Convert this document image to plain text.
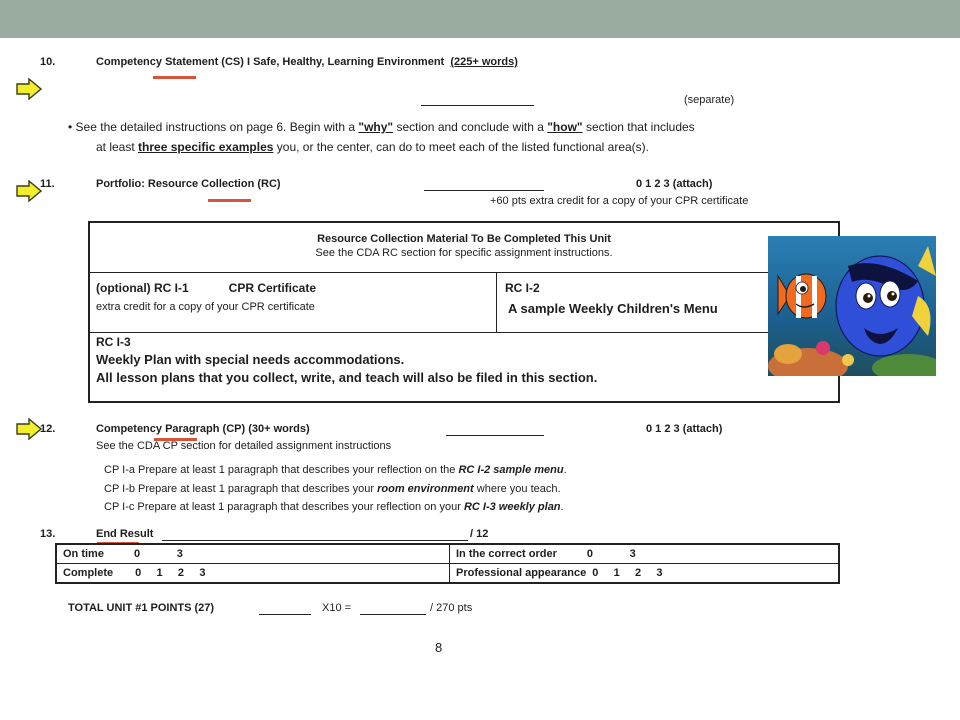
10.	Competency Statement (CS) I Safe, Healthy, Learning Environment (225+ words)
(separate)
• See the detailed instructions on page 6. Begin with a "why" section and conclude with a "how" section that includes
at least three specific examples you, or the center, can do to meet each of the listed functional area(s).
11.	Portfolio: Resource Collection (RC)	0 1 2 3 (attach)
+60 pts extra credit for a copy of your CPR certificate
Resource Collection Material To Be Completed This Unit
See the CDA RC section for specific assignment instructions.

(optional) RC I-1	CPR Certificate
extra credit for a copy of your CPR certificate

RC I-2
A sample Weekly Children's Menu

RC I-3
Weekly Plan with special needs accommodations.
All lesson plans that you collect, write, and teach will also be filed in this section.
12.	Competency Paragraph (CP) (30+ words)	0 1 2 3 (attach)
See the CDA CP section for detailed assignment instructions
CP I-a Prepare at least 1 paragraph that describes your reflection on the RC I-2 sample menu.
CP I-b Prepare at least 1 paragraph that describes your room environment where you teach.
CP I-c Prepare at least 1 paragraph that describes your reflection on your RC I-3 weekly plan.
13.	End Result	/ 12
On time 0            3	In the correct order 0            3
Complete 0     1     2     3	Professional appearance 0     1     2     3
TOTAL UNIT #1 POINTS (27)	X10 =	/ 270 pts
8
